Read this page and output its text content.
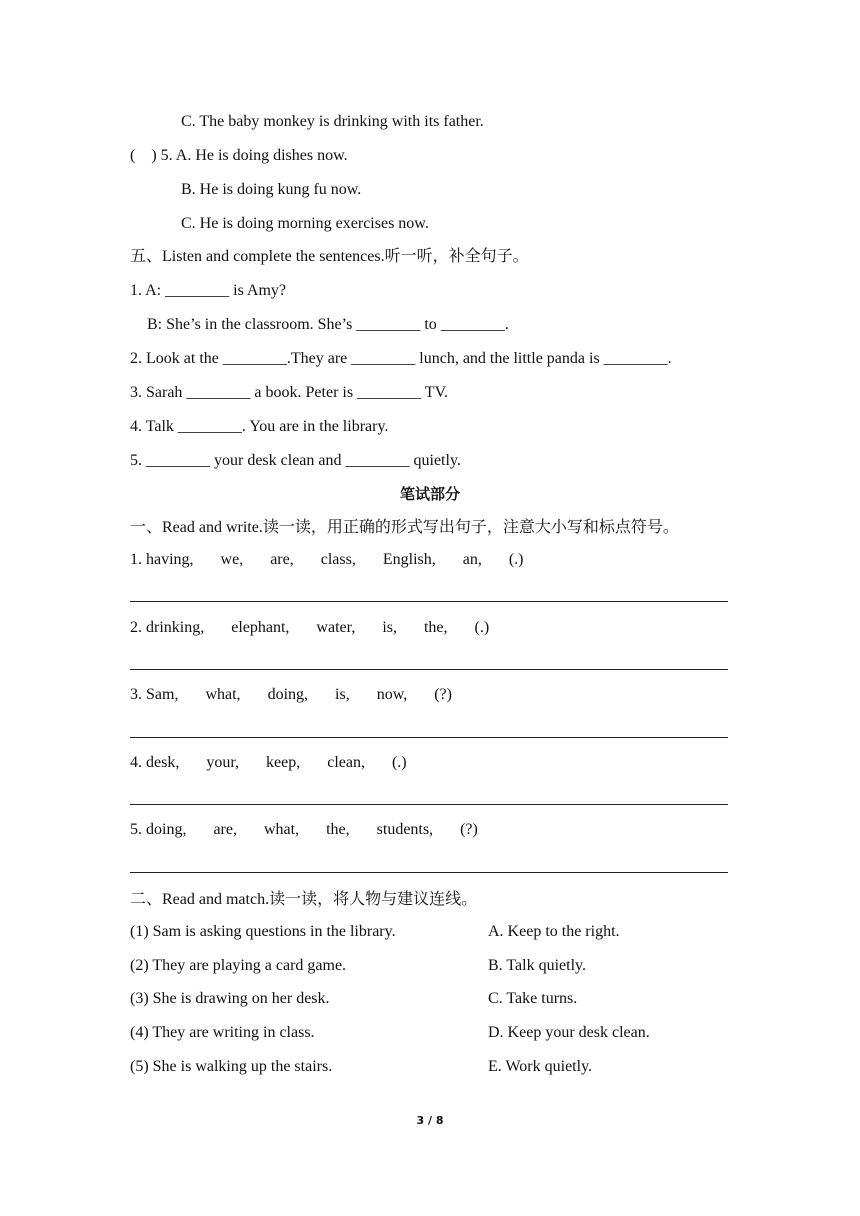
C. The baby monkey is drinking with its father.
(    ) 5. A. He is doing dishes now.
B. He is doing kung fu now.
C. He is doing morning exercises now.
五、Listen and complete the sentences.听一听，补全句子。
1. A: ________ is Amy?
B: She’s in the classroom. She’s ________ to ________.
2. Look at the ________.They are ________ lunch, and the little panda is ________.
3. Sarah ________ a book. Peter is ________ TV.
4. Talk ________. You are in the library.
5. ________ your desk clean and ________ quietly.
笔试部分
一、Read and write.读一读，用正确的形式写出句子，注意大小写和标点符号。
1. having, we, are, class, English, an, (.)
2. drinking, elephant, water, is, the, (.)
3. Sam, what, doing, is, now, (?)
4. desk, your, keep, clean, (.)
5. doing, are, what, the, students, (?)
二、Read and match.读一读，将人物与建议连线。
(1) Sam is asking questions in the library.	A. Keep to the right.
(2) They are playing a card game.	B. Talk quietly.
(3) She is drawing on her desk.	C. Take turns.
(4) They are writing in class.	D. Keep your desk clean.
(5) She is walking up the stairs.	E. Work quietly.
3 / 8
